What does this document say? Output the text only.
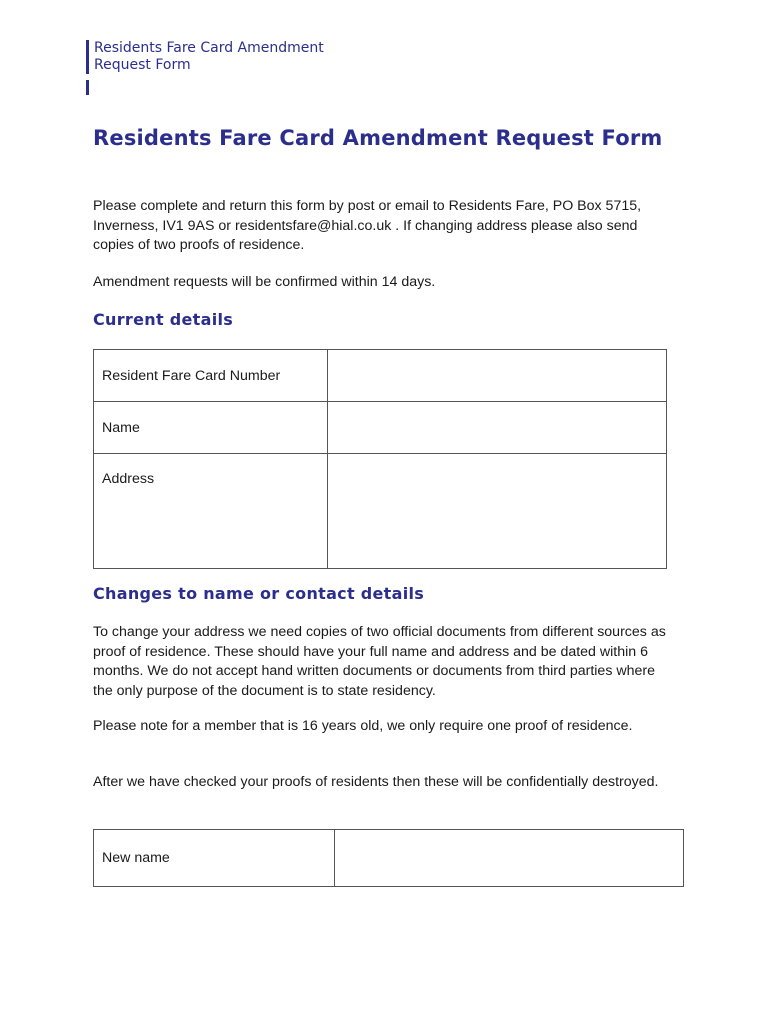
Residents Fare Card Amendment
Request Form
Residents Fare Card Amendment Request Form

Please complete and return this form by post or email to Residents Fare, PO Box 5715, Inverness, IV1 9AS or residentsfare@hial.co.uk . If changing address please also send copies of two proofs of residence.

Amendment requests will be confirmed within 14 days.

Current details
Resident Fare Card Number	

Name	

Address	
Changes to name or contact details

To change your address we need copies of two official documents from different sources as proof of residence. These should have your full name and address and be dated within 6 months. We do not accept hand written documents or documents from third parties where the only purpose of the document is to state residency.

Please note for a member that is 16 years old, we only require one proof of residence.

After we have checked your proofs of residents then these will be confidentially destroyed.

New name	
